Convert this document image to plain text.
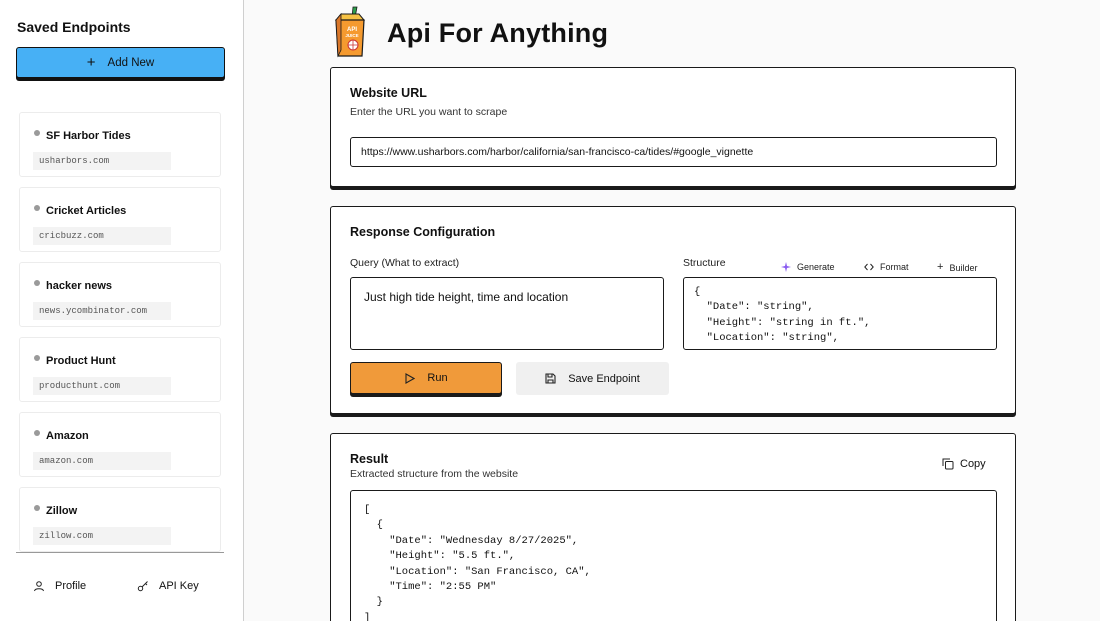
Saved Endpoints
+ Add New
SF Harbor Tides
usharbors.com
Cricket Articles
cricbuzz.com
hacker news
news.ycombinator.com
Product Hunt
producthunt.com
Amazon
amazon.com
Zillow
zillow.com
Profile	API Key
API
JUICE Api For Anything
Website URL
Enter the URL you want to scrape
https://www.usharbors.com/harbor/california/san-francisco-ca/tides/#google_vignette
Response Configuration
Query (What to extract)	Structure	Generate	Format	+ Builder
Just high tide height, time and location	{
"Date": "string",
"Height": "string in ft.",
"Location": "string",
Run	Save Endpoint
Result
Extracted structure from the website
Copy
[
{
"Date": "Wednesday 8/27/2025",
"Height": "5.5 ft.",
"Location": "San Francisco, CA",
"Time": "2:55 PM"
}
]
